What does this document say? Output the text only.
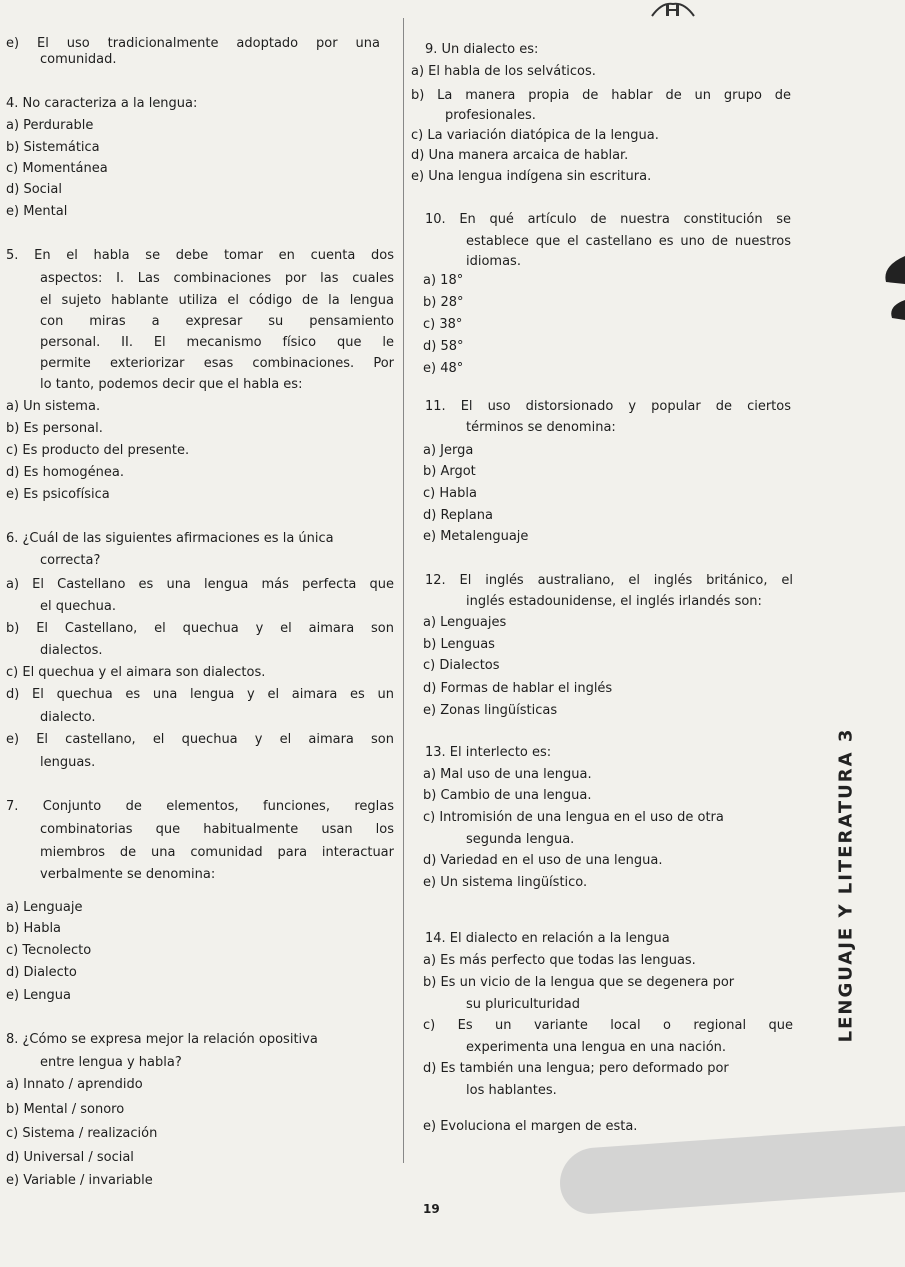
e) El uso tradicionalmente adoptado por una
comunidad.
4. No caracteriza a la lengua:
a) Perdurable
b) Sistemática
c) Momentánea
d) Social
e) Mental
5. En el habla se debe tomar en cuenta dos
aspectos: I. Las combinaciones por las cuales
el sujeto hablante utiliza el código de la lengua
con miras a expresar su pensamiento
personal. II. El mecanismo físico que le
permite exteriorizar esas combinaciones. Por
lo tanto, podemos decir que el habla es:
a) Un sistema.
b) Es personal.
c) Es producto del presente.
d) Es homogénea.
e) Es psicofísica
6. ¿Cuál de las siguientes afirmaciones es la única
correcta?
a) El Castellano es una lengua más perfecta que
el quechua.
b) El Castellano, el quechua y el aimara son
dialectos.
c) El quechua y el aimara son dialectos.
d) El quechua es una lengua y el aimara es un
dialecto.
e) El castellano, el quechua y el aimara son
lenguas.
7. Conjunto de elementos, funciones, reglas
combinatorias que habitualmente usan los
miembros de una comunidad para interactuar
verbalmente se denomina:
a) Lenguaje
b) Habla
c) Tecnolecto
d) Dialecto
e) Lengua
8. ¿Cómo se expresa mejor la relación opositiva
entre lengua y habla?
a) Innato / aprendido
b) Mental / sonoro
c) Sistema / realización
d) Universal / social
e) Variable / invariable
9. Un dialecto es:
a) El habla de los selváticos.
b) La manera propia de hablar de un grupo de
profesionales.
c) La variación diatópica de la lengua.
d) Una manera arcaica de hablar.
e) Una lengua indígena sin escritura.
10. En qué artículo de nuestra constitución se
establece que el castellano es uno de nuestros
idiomas.
a) 18°
b) 28°
c) 38°
d) 58°
e) 48°
11. El uso distorsionado y popular de ciertos
términos se denomina:
a) Jerga
b) Argot
c) Habla
d) Replana
e) Metalenguaje
12. El inglés australiano, el inglés británico, el
inglés estadounidense, el inglés irlandés son:
a) Lenguajes
b) Lenguas
c) Dialectos
d) Formas de hablar el inglés
e) Zonas lingüísticas
13. El interlecto es:
a) Mal uso de una lengua.
b) Cambio de una lengua.
c) Intromisión de una lengua en el uso de otra
segunda lengua.
d) Variedad en el uso de una lengua.
e) Un sistema lingüístico.
14. El dialecto en relación a la lengua
a) Es más perfecto que todas las lenguas.
b) Es un vicio de la lengua que se degenera por
su pluriculturidad
c) Es un variante local o regional que
experimenta una lengua en una nación.
d) Es también una lengua; pero deformado por
los hablantes.
e) Evoluciona el margen de esta.
LENGUAJE Y LITERATURA 3
19
